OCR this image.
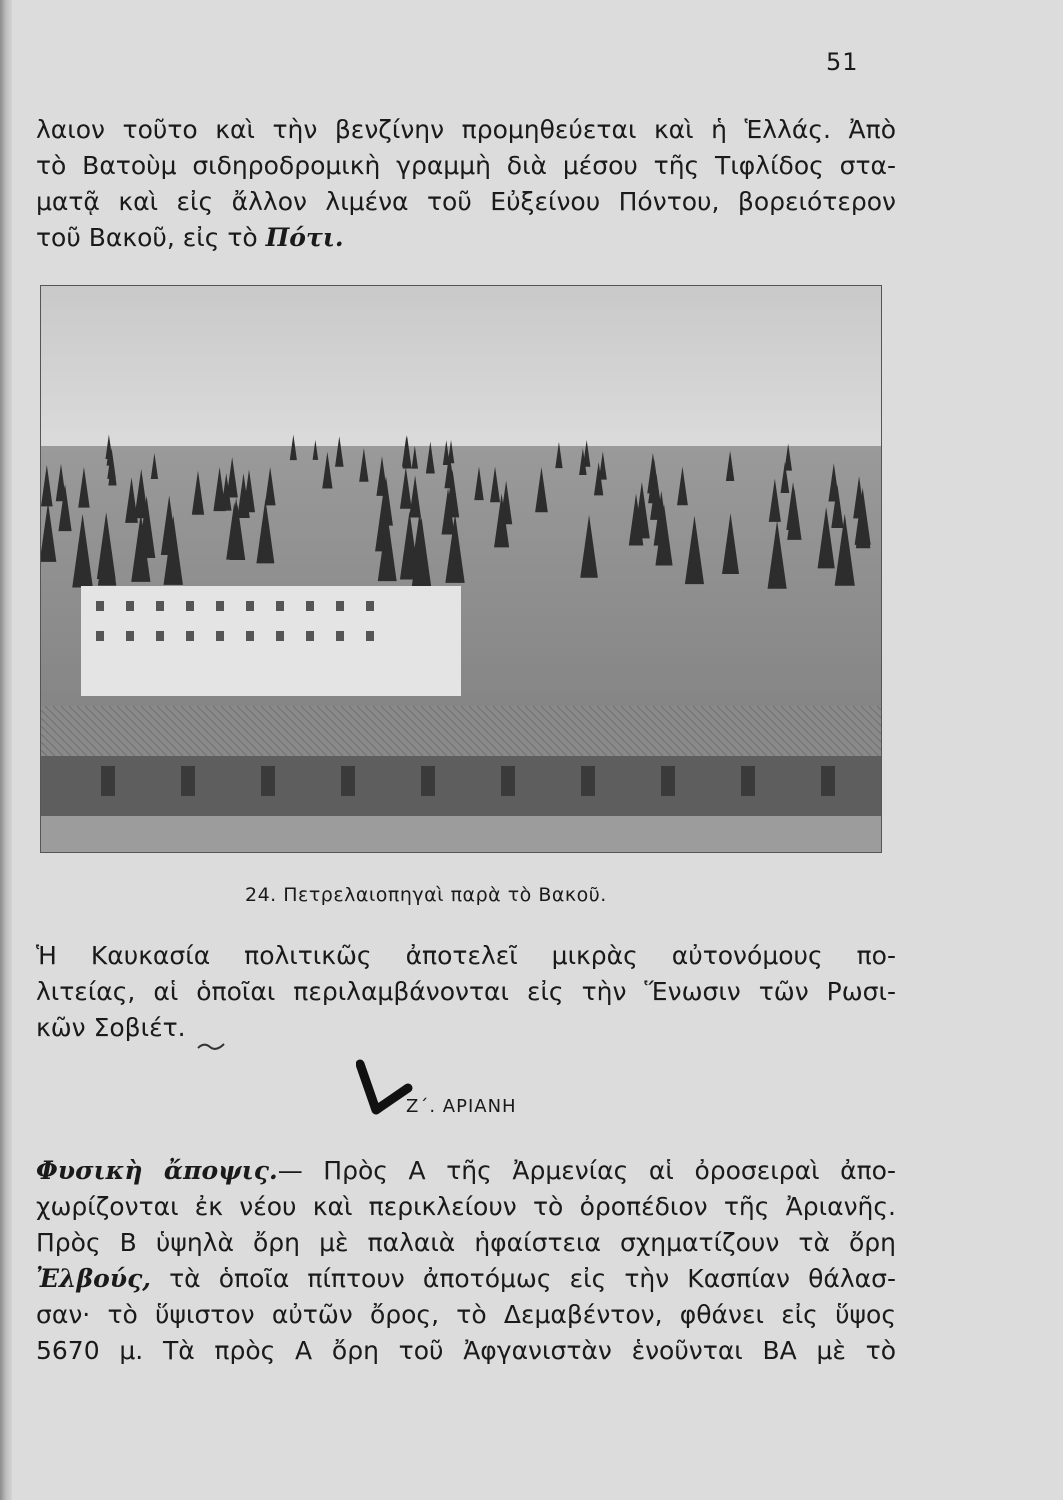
51
λαιον τοῦτο καὶ τὴν βενζίνην προμηθεύεται καὶ ἡ Ἑλλάς. Ἀπὸ
τὸ Βατοὺμ σιδηροδρομικὴ γραμμὴ διὰ μέσου τῆς Τιφλίδος στα-
ματᾷ καὶ εἰς ἄλλον λιμένα τοῦ Εὐξείνου Πόντου, βορειότερον
τοῦ Βακοῦ, εἰς τὸ Πότι.
24. Πετρελαιοπηγαὶ παρὰ τὸ Βακοῦ.
Ἡ Καυκασία πολιτικῶς ἀποτελεῖ μικρὰς αὐτονόμους πο-
λιτείας, αἱ ὁποῖαι περιλαμβάνονται εἰς τὴν Ἕνωσιν τῶν Ρωσι-
κῶν Σοβιέτ.
Ζ΄. ΑΡΙΑΝΗ
Φυσικὴ ἄποψις.— Πρὸς Α τῆς Ἀρμενίας αἱ ὀροσειραὶ ἀπο-
χωρίζονται ἐκ νέου καὶ περικλείουν τὸ ὀροπέδιον τῆς Ἀριανῆς.
Πρὸς Β ὑψηλὰ ὄρη μὲ παλαιὰ ἡφαίστεια σχηματίζουν τὰ ὄρη
Ἐλβούς, τὰ ὁποῖα πίπτουν ἀποτόμως εἰς τὴν Κασπίαν θάλασ-
σαν· τὸ ὕψιστον αὐτῶν ὄρος, τὸ Δεμαβέντον, φθάνει εἰς ὕψος
5670 μ. Τὰ πρὸς Α ὄρη τοῦ Ἀφγανιστὰν ἑνοῦνται ΒΑ μὲ τὸ
